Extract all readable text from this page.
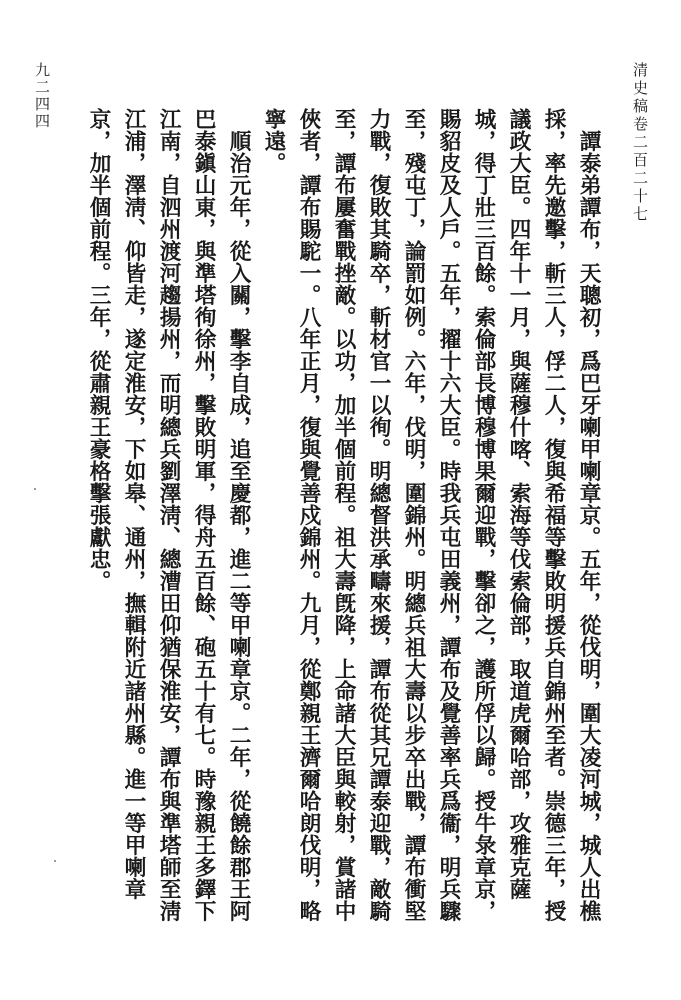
清史稿卷二百二十七
九二四四

譚泰弟譚布，天聰初，爲巴牙喇甲喇章京。五年，從伐明，圍大凌河城，城人出樵採，率先邀擊，斬三人，俘二人，復與希福等擊敗明援兵自錦州至者。崇德三年，授議政大臣。四年十一月，與薩穆什喀、索海等伐索倫部，取道虎爾哈部，攻雅克薩城，得丁壯三百餘。索倫部長博穆博果爾迎戰，擊卻之，護所俘以歸。授牛彔章京，賜貂皮及人戶。五年，擢十六大臣。時我兵屯田義州，譚布及覺善率兵爲衞，明兵驟至，殘屯丁，論罰如例。六年，伐明，圍錦州。明總兵祖大壽以步卒出戰，譚布衝堅力戰，復敗其騎卒，斬材官一以徇。明總督洪承疇來援，譚布從其兄譚泰迎戰，敵騎至，譚布屢奮戰挫敵。以功，加半個前程。祖大壽旣降，上命諸大臣與較射，賞諸中俠者，譚布賜駝一。八年正月，復與覺善戍錦州。九月，從鄭親王濟爾哈朗伐明，略寧遠。

順治元年，從入關，擊李自成，追至慶都，進二等甲喇章京。二年，從饒餘郡王阿巴泰鎭山東，與準塔徇徐州，擊敗明軍，得舟五百餘、砲五十有七。時豫親王多鐸下江南，自泗州渡河趨揚州，而明總兵劉澤淸、總漕田仰猶保淮安，譚布與準塔師至淸江浦，澤淸、仰皆走，遂定淮安，下如皋、通州，撫輯附近諸州縣。進一等甲喇章京，加半個前程。三年，從肅親王豪格擊張獻忠。
